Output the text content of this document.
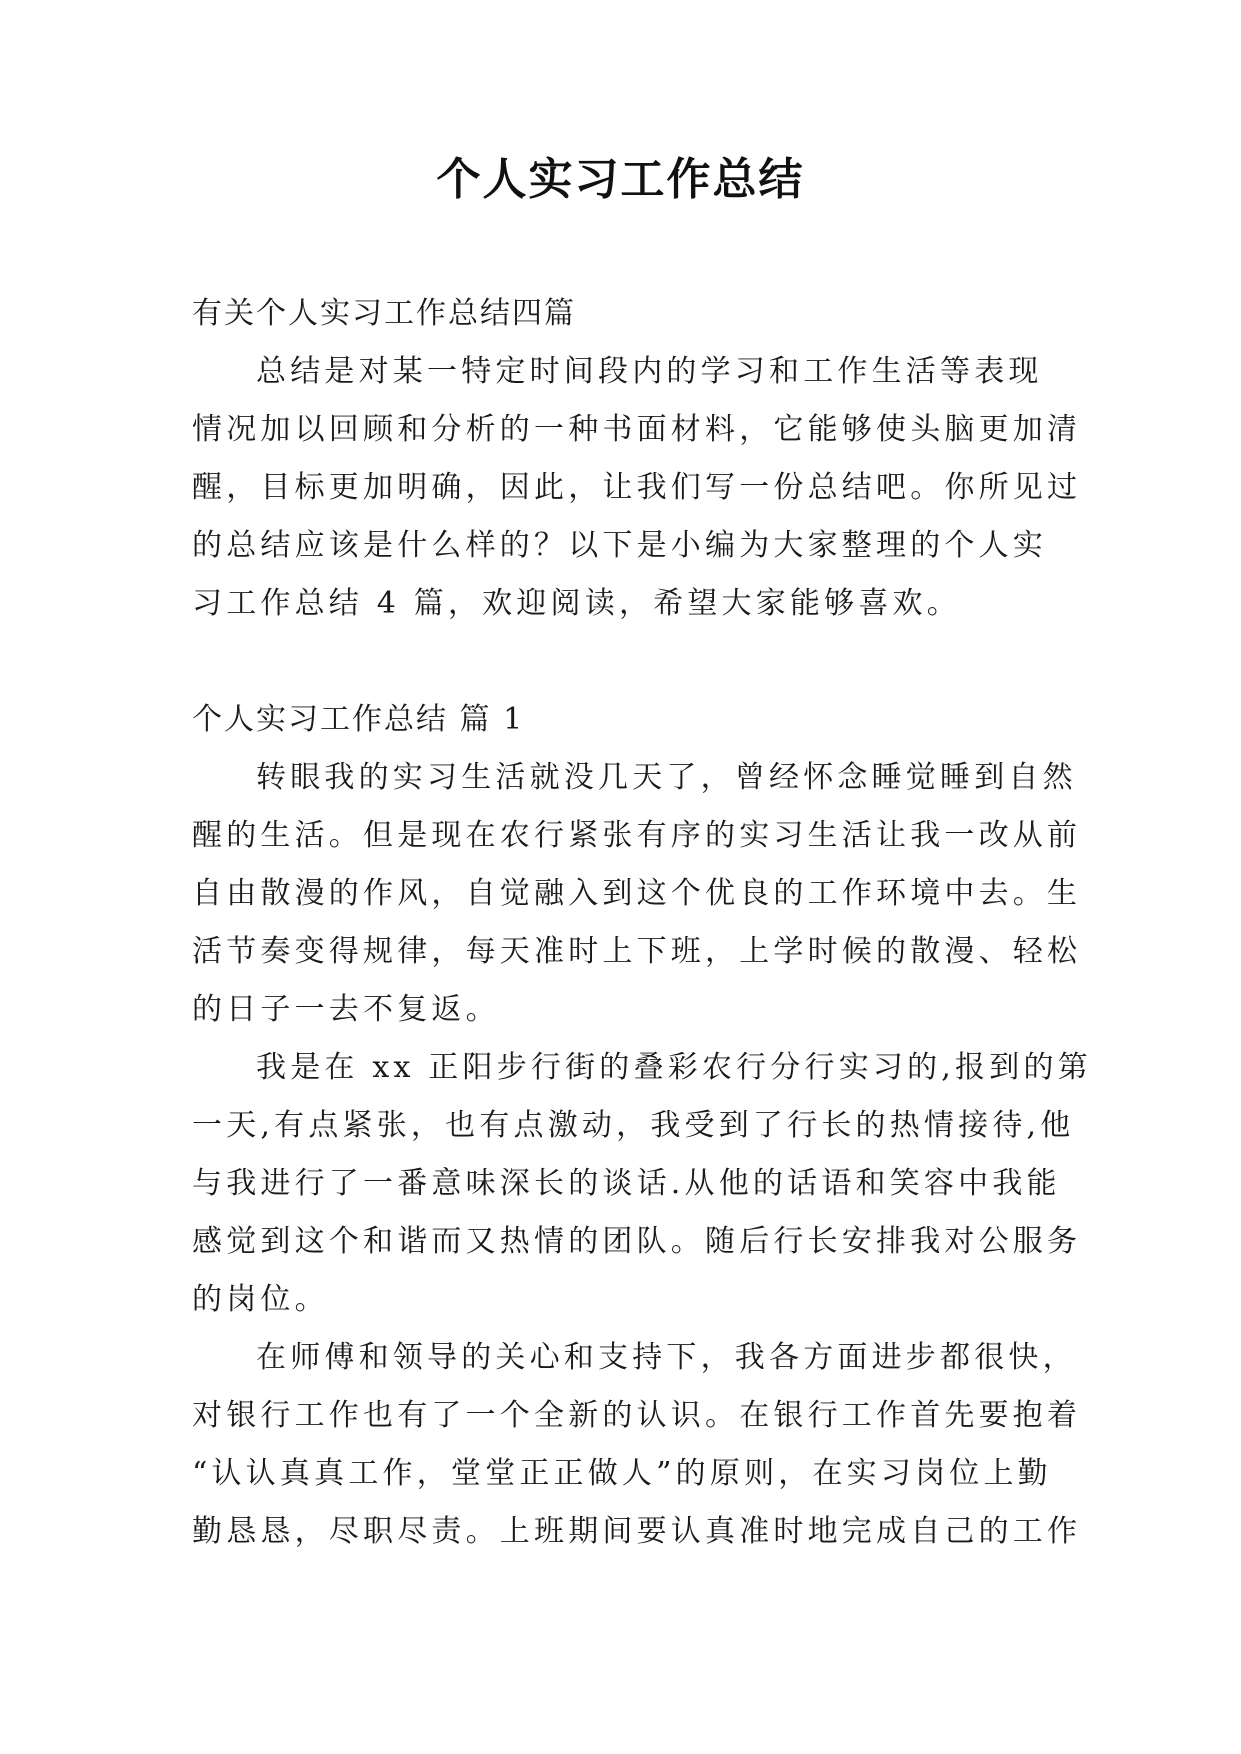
个人实习工作总结
有关个人实习工作总结四篇
总结是对某一特定时间段内的学习和工作生活等表现
情况加以回顾和分析的一种书面材料，它能够使头脑更加清
醒，目标更加明确，因此，让我们写一份总结吧。你所见过
的总结应该是什么样的？以下是小编为大家整理的个人实
习工作总结 4 篇，欢迎阅读，希望大家能够喜欢。
个人实习工作总结 篇 1
转眼我的实习生活就没几天了，曾经怀念睡觉睡到自然
醒的生活。但是现在农行紧张有序的实习生活让我一改从前
自由散漫的作风，自觉融入到这个优良的工作环境中去。生
活节奏变得规律，每天准时上下班，上学时候的散漫、轻松
的日子一去不复返。
我是在 xx 正阳步行街的叠彩农行分行实习的,报到的第
一天,有点紧张，也有点激动，我受到了行长的热情接待,他
与我进行了一番意味深长的谈话.从他的话语和笑容中我能
感觉到这个和谐而又热情的团队。随后行长安排我对公服务
的岗位。
在师傅和领导的关心和支持下，我各方面进步都很快，
对银行工作也有了一个全新的认识。在银行工作首先要抱着
“认认真真工作，堂堂正正做人”的原则，在实习岗位上勤
勤恳恳，尽职尽责。上班期间要认真准时地完成自己的工作
